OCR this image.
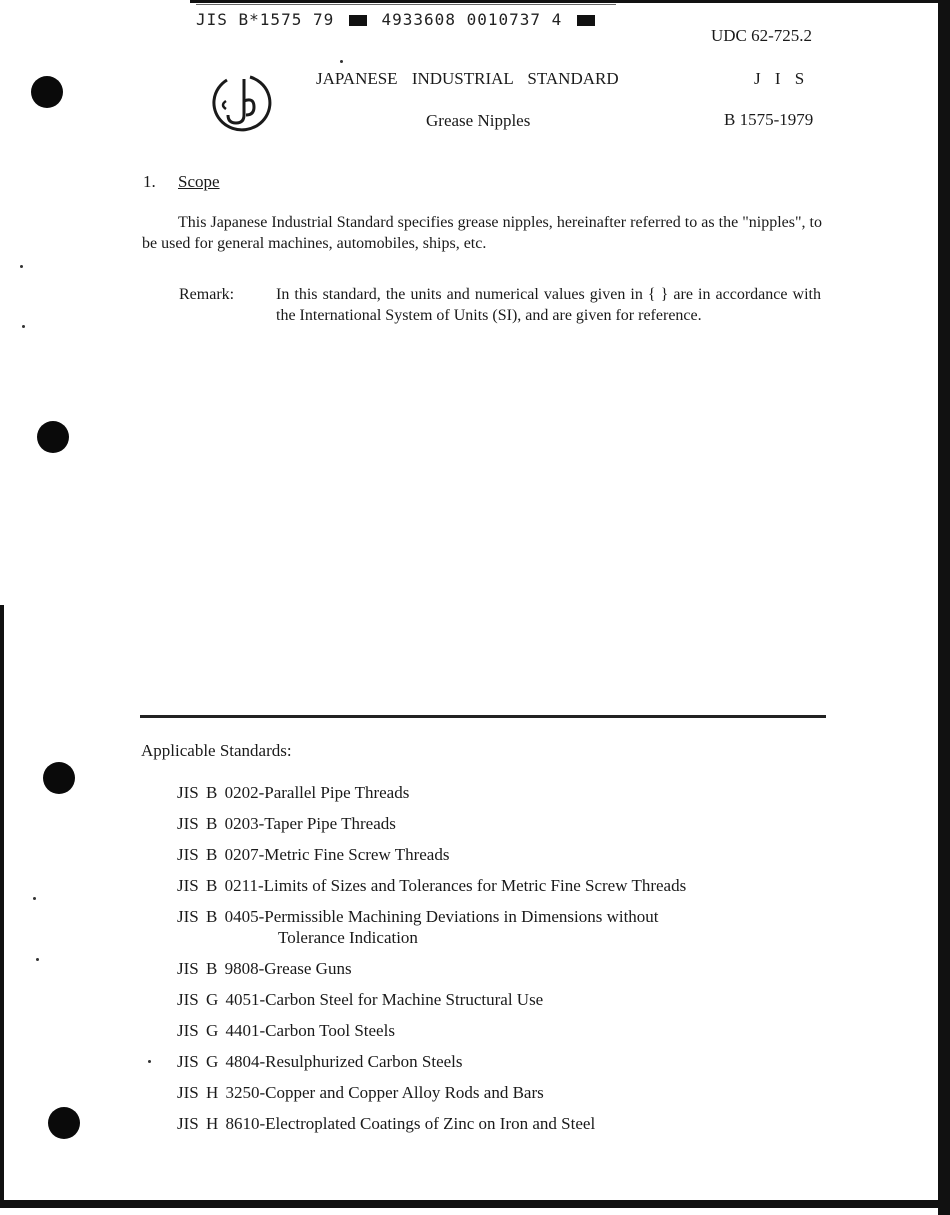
JIS B*1575 79	4933608 0010737 4
UDC 62-725.2
JAPANESE INDUSTRIAL STANDARD	J I S
Grease Nipples	B 1575-1979
1. Scope

This Japanese Industrial Standard specifies grease nipples, hereinafter referred to as the "nipples", to be used for general machines, automobiles, ships, etc.

Remark:	In this standard, the units and numerical values given in { } are in accordance with the International System of Units (SI), and are given for reference.

Applicable Standards:
JIS B 0202-Parallel Pipe Threads
JIS B 0203-Taper Pipe Threads
JIS B 0207-Metric Fine Screw Threads
JIS B 0211-Limits of Sizes and Tolerances for Metric Fine Screw Threads
JIS B 0405-Permissible Machining Deviations in Dimensions without
Tolerance Indication
JIS B 9808-Grease Guns
JIS G 4051-Carbon Steel for Machine Structural Use
JIS G 4401-Carbon Tool Steels
JIS G 4804-Resulphurized Carbon Steels
JIS H 3250-Copper and Copper Alloy Rods and Bars
JIS H 8610-Electroplated Coatings of Zinc on Iron and Steel
